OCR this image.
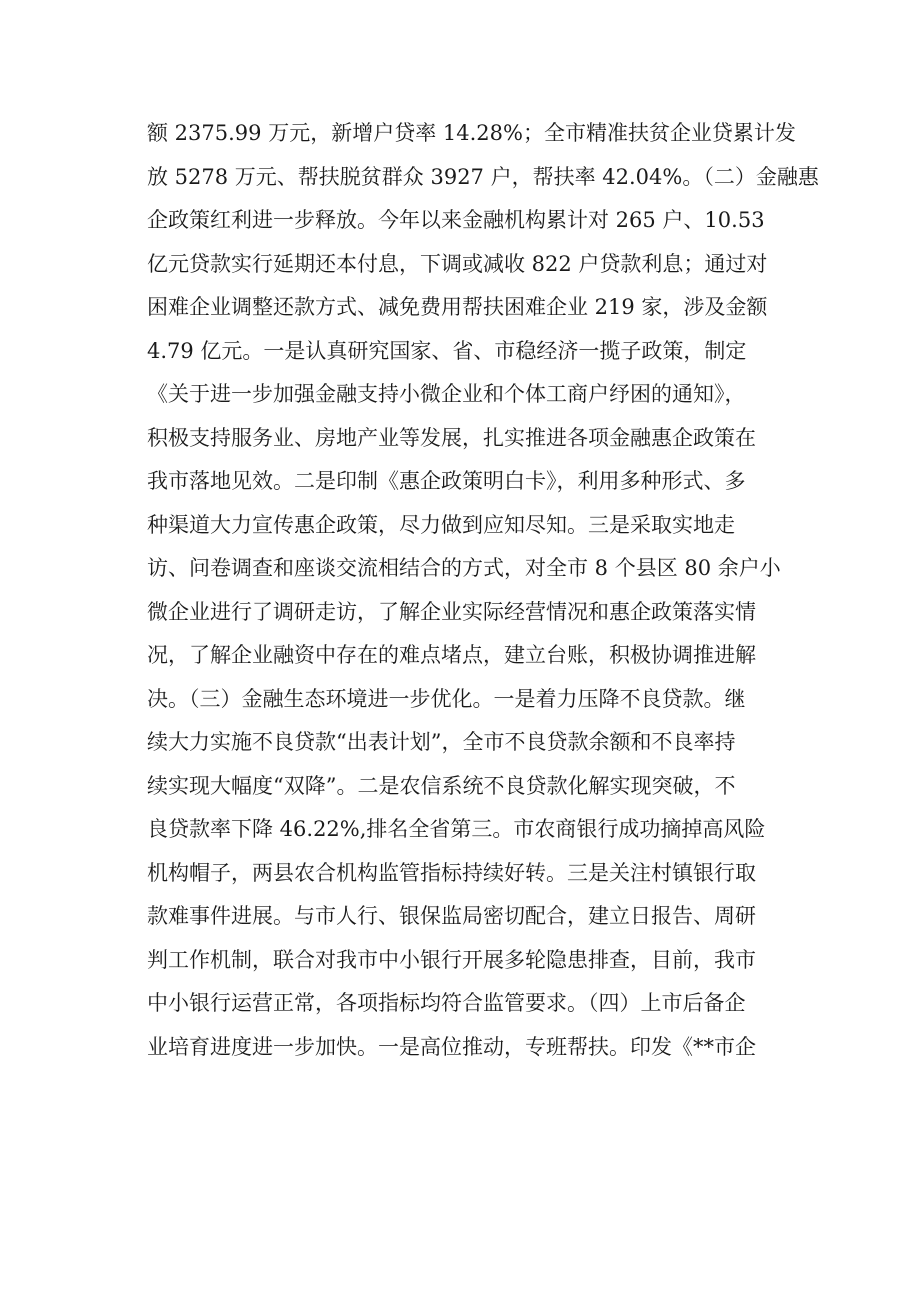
额 2375.99 万元，新增户贷率 14.28%；全市精准扶贫企业贷累计发
放 5278 万元、帮扶脱贫群众 3927 户，帮扶率 42.04%。（二）金融惠
企政策红利进一步释放。今年以来金融机构累计对 265 户、10.53
亿元贷款实行延期还本付息，下调或减收 822 户贷款利息；通过对
困难企业调整还款方式、减免费用帮扶困难企业 219 家，涉及金额
4.79 亿元。一是认真研究国家、省、市稳经济一揽子政策，制定
《关于进一步加强金融支持小微企业和个体工商户纾困的通知》，
积极支持服务业、房地产业等发展，扎实推进各项金融惠企政策在
我市落地见效。二是印制《惠企政策明白卡》，利用多种形式、多
种渠道大力宣传惠企政策，尽力做到应知尽知。三是采取实地走
访、问卷调查和座谈交流相结合的方式，对全市 8 个县区 80 余户小
微企业进行了调研走访，了解企业实际经营情况和惠企政策落实情
况，了解企业融资中存在的难点堵点，建立台账，积极协调推进解
决。（三）金融生态环境进一步优化。一是着力压降不良贷款。继
续大力实施不良贷款“出表计划”，全市不良贷款余额和不良率持
续实现大幅度“双降”。二是农信系统不良贷款化解实现突破，不
良贷款率下降 46.22%,排名全省第三。市农商银行成功摘掉高风险
机构帽子，两县农合机构监管指标持续好转。三是关注村镇银行取
款难事件进展。与市人行、银保监局密切配合，建立日报告、周研
判工作机制，联合对我市中小银行开展多轮隐患排查，目前，我市
中小银行运营正常，各项指标均符合监管要求。（四）上市后备企
业培育进度进一步加快。一是高位推动，专班帮扶。印发《**市企
